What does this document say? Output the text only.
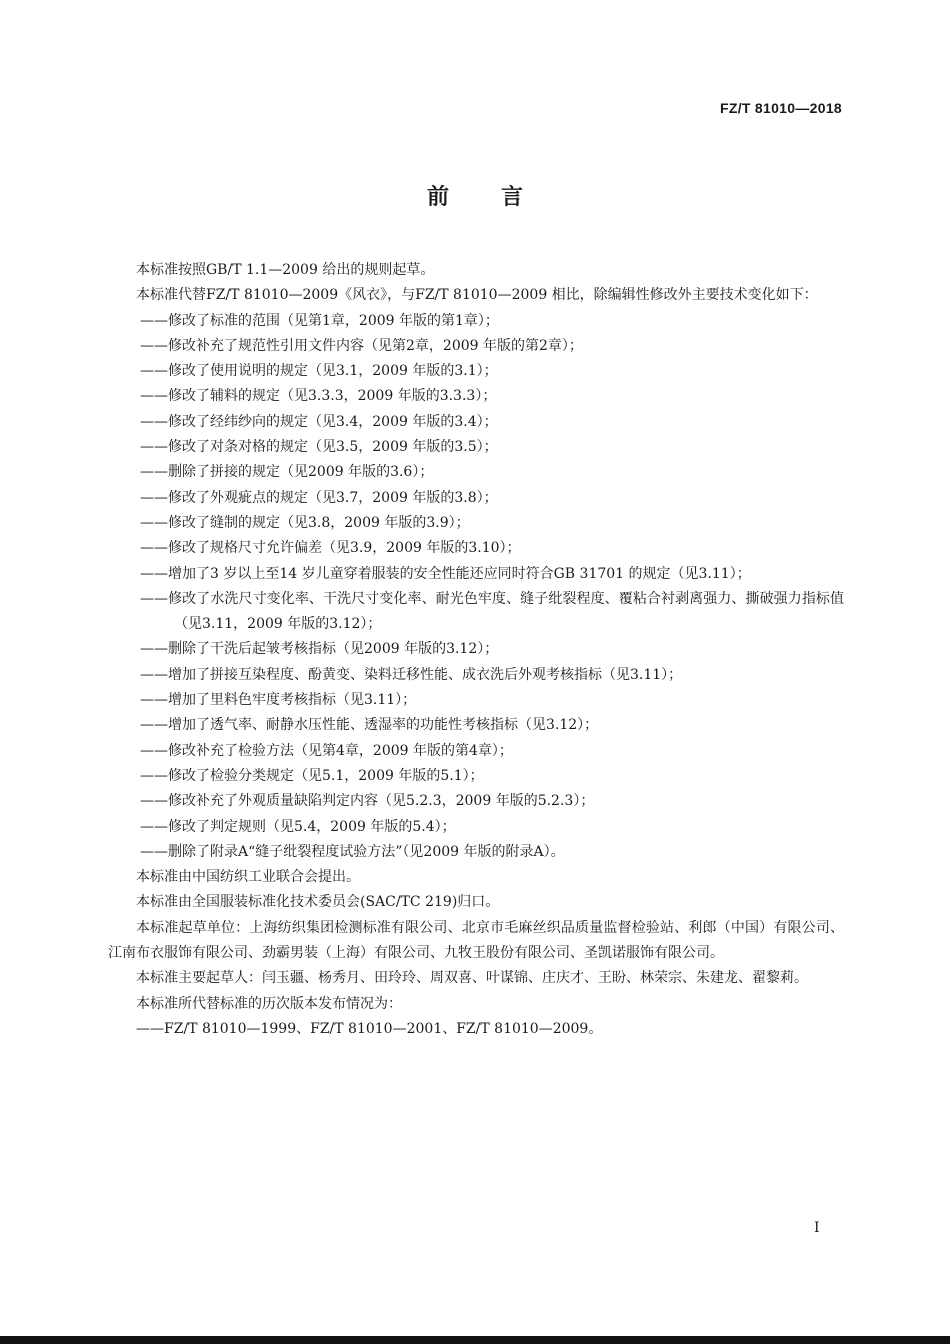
FZ/T 81010—2018
前言

本标准按照GB/T 1.1—2009 给出的规则起草。

本标准代替FZ/T 81010—2009《风衣》，与FZ/T 81010—2009 相比，除编辑性修改外主要技术变化如下：

——修改了标准的范围（见第1章，2009 年版的第1章）；

——修改补充了规范性引用文件内容（见第2章，2009 年版的第2章）；

——修改了使用说明的规定（见3.1，2009 年版的3.1）；

——修改了辅料的规定（见3.3.3，2009 年版的3.3.3）；

——修改了经纬纱向的规定（见3.4，2009 年版的3.4）；

——修改了对条对格的规定（见3.5，2009 年版的3.5）；

——删除了拼接的规定（见2009 年版的3.6）；

——修改了外观疵点的规定（见3.7，2009 年版的3.8）；

——修改了缝制的规定（见3.8，2009 年版的3.9）；

——修改了规格尺寸允许偏差（见3.9，2009 年版的3.10）；

——增加了3 岁以上至14 岁儿童穿着服装的安全性能还应同时符合GB 31701 的规定（见3.11）；

——修改了水洗尺寸变化率、干洗尺寸变化率、耐光色牢度、缝子纰裂程度、覆粘合衬剥离强力、撕破强力指标值（见3.11，2009 年版的3.12）；

——删除了干洗后起皱考核指标（见2009 年版的3.12）；

——增加了拼接互染程度、酚黄变、染料迁移性能、成衣洗后外观考核指标（见3.11）；

——增加了里料色牢度考核指标（见3.11）；

——增加了透气率、耐静水压性能、透湿率的功能性考核指标（见3.12）；

——修改补充了检验方法（见第4章，2009 年版的第4章）；

——修改了检验分类规定（见5.1，2009 年版的5.1）；

——修改补充了外观质量缺陷判定内容（见5.2.3，2009 年版的5.2.3）；

——修改了判定规则（见5.4，2009 年版的5.4）；

——删除了附录A“缝子纰裂程度试验方法”（见2009 年版的附录A）。

本标准由中国纺织工业联合会提出。

本标准由全国服装标准化技术委员会(SAC/TC 219)归口。

本标准起草单位：上海纺织集团检测标准有限公司、北京市毛麻丝织品质量监督检验站、利郎（中国）有限公司、江南布衣服饰有限公司、劲霸男装（上海）有限公司、九牧王股份有限公司、圣凯诺服饰有限公司。

本标准主要起草人：闫玉疆、杨秀月、田玲玲、周双喜、叶谋锦、庄庆才、王盼、林荣宗、朱建龙、翟黎莉。

本标准所代替标准的历次版本发布情况为：

——FZ/T 81010—1999、FZ/T 81010—2001、FZ/T 81010—2009。

I
